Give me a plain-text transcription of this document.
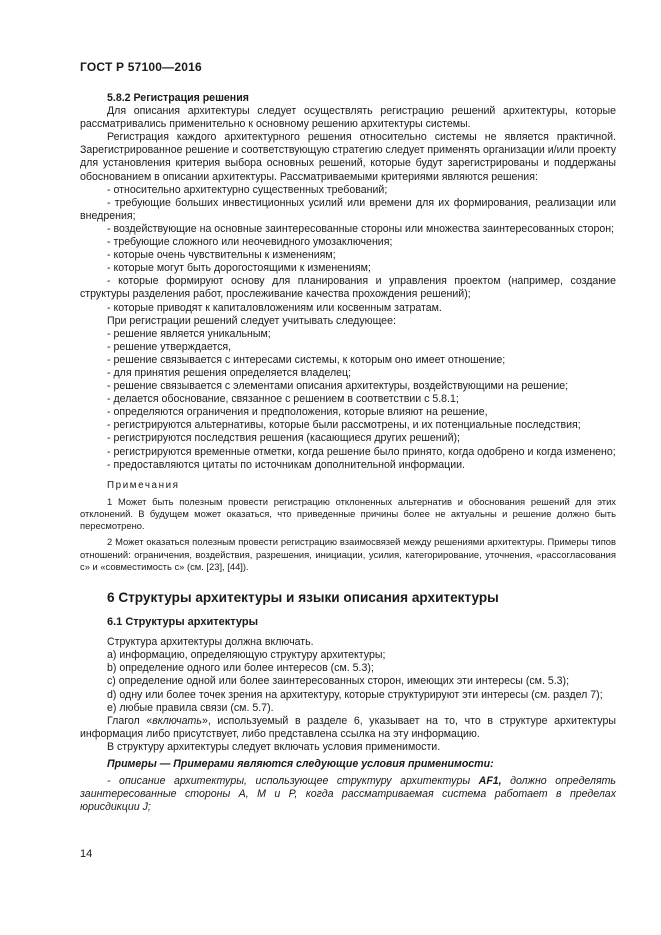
ГОСТ Р 57100—2016

5.8.2 Регистрация решения

Для описания архитектуры следует осуществлять регистрацию решений архитектуры, которые рассматривались применительно к основному решению архитектуры системы.

Регистрация каждого архитектурного решения относительно системы не является практичной. Зарегистрированное решение и соответствующую стратегию следует применять организации и/или проекту для установления критерия выбора основных решений, которые будут зарегистрированы и поддержаны обоснованием в описании архитектуры. Рассматриваемыми критериями являются решения:

- относительно архитектурно существенных требований;

- требующие больших инвестиционных усилий или времени для их формирования, реализации или внедрения;

- воздействующие на основные заинтересованные стороны или множества заинтересованных сторон;

- требующие сложного или неочевидного умозаключения;

- которые очень чувствительны к изменениям;

- которые могут быть дорогостоящими к изменениям;

- которые формируют основу для планирования и управления проектом (например, создание структуры разделения работ, прослеживание качества прохождения решений);

- которые приводят к капиталовложениям или косвенным затратам.

При регистрации решений следует учитывать следующее:

- решение является уникальным;

- решение утверждается,

- решение связывается с интересами системы, к которым оно имеет отношение;

- для принятия решения определяется владелец;

- решение связывается с элементами описания архитектуры, воздействующими на решение;

- делается обоснование, связанное с решением в соответствии с 5.8.1;

- определяются ограничения и предположения, которые влияют на решение,

- регистрируются альтернативы, которые были рассмотрены, и их потенциальные последствия;

- регистрируются последствия решения (касающиеся других решений);

- регистрируются временные отметки, когда решение было принято, когда одобрено и когда изменено;

- предоставляются цитаты по источникам дополнительной информации.

Примечания

1 Может быть полезным провести регистрацию отклоненных альтернатив и обоснования решений для этих отклонений. В будущем может оказаться, что приведенные причины более не актуальны и решение должно быть пересмотрено.

2 Может оказаться полезным провести регистрацию взаимосвязей между решениями архитектуры. Примеры типов отношений: ограничения, воздействия, разрешения, инициации, усилия, категорирование, уточнения, «рассогласования с» и «совместимость с» (см. [23], [44]).

6 Структуры архитектуры и языки описания архитектуры

6.1 Структуры архитектуры

Структура архитектуры должна включать.

a) информацию, определяющую структуру архитектуры;

b) определение одного или более интересов (см. 5.3);

c) определение одной или более заинтересованных сторон, имеющих эти интересы (см. 5.3);

d) одну или более точек зрения на архитектуру, которые структурируют эти интересы (см. раздел 7);

e) любые правила связи (см. 5.7).

Глагол «включать», используемый в разделе 6, указывает на то, что в структуре архитектуры информация либо присутствует, либо представлена ссылка на эту информацию.

В структуру архитектуры следует включать условия применимости.

Примеры — Примерами являются следующие условия применимости:

- описание архитектуры, использующее структуру архитектуры AF1, должно определять заинтересованные стороны A, M и P, когда рассматриваемая система работает в пределах юрисдикции J;

14
